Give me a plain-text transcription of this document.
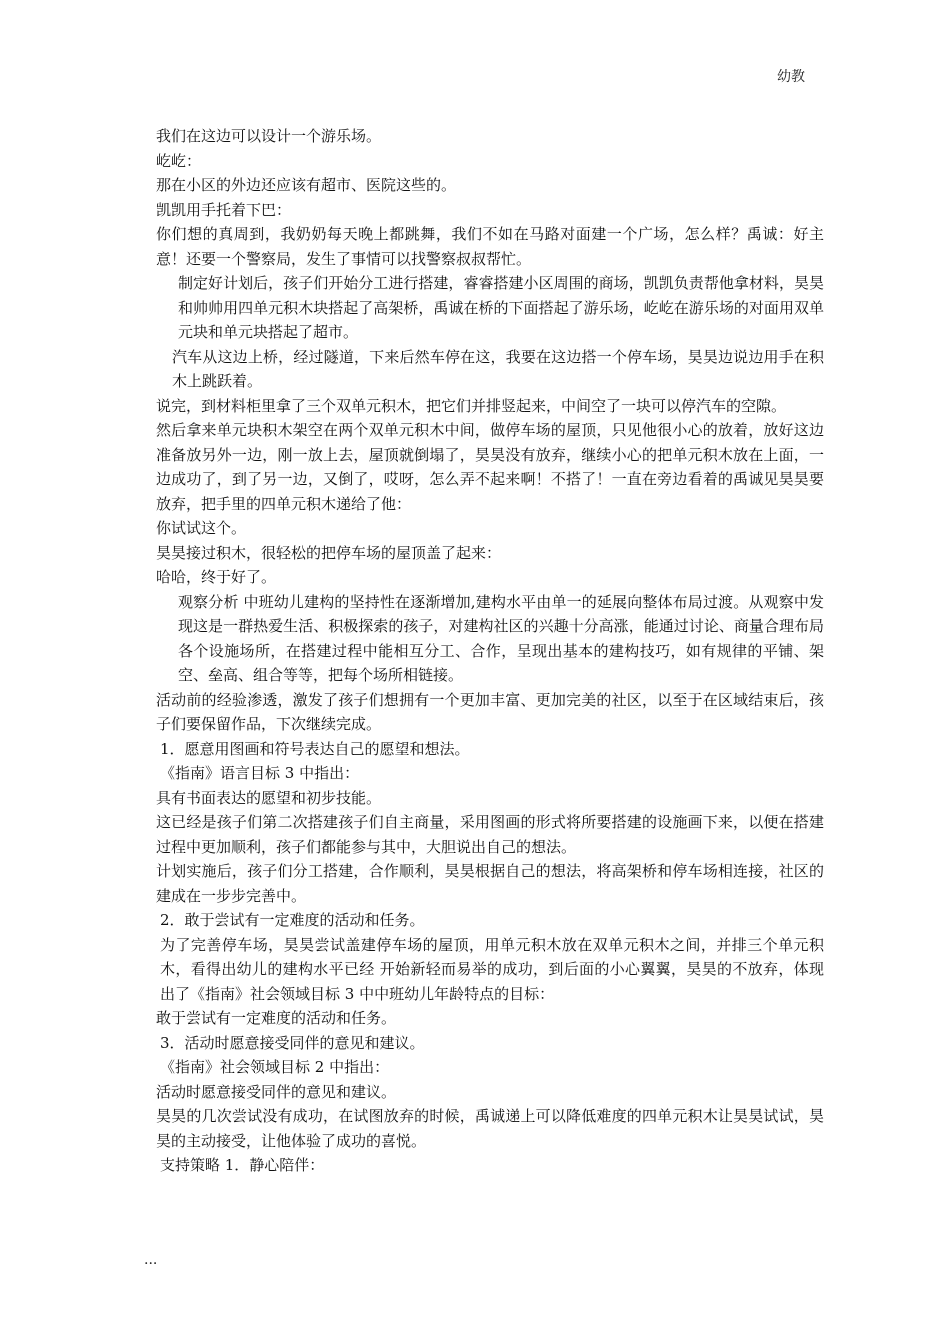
幼教

我们在这边可以设计一个游乐场。

屹屹：

那在小区的外边还应该有超市、医院这些的。

凯凯用手托着下巴：

你们想的真周到，我奶奶每天晚上都跳舞，我们不如在马路对面建一个广场，怎么样？禹诚：好主意！还要一个警察局，发生了事情可以找警察叔叔帮忙。

制定好计划后，孩子们开始分工进行搭建，睿睿搭建小区周围的商场，凯凯负责帮他拿材料，昊昊和帅帅用四单元积木块搭起了高架桥，禹诚在桥的下面搭起了游乐场，屹屹在游乐场的对面用双单元块和单元块搭起了超市。

汽车从这边上桥，经过隧道，下来后然车停在这，我要在这边搭一个停车场，昊昊边说边用手在积木上跳跃着。

说完，到材料柜里拿了三个双单元积木，把它们并排竖起来，中间空了一块可以停汽车的空隙。

然后拿来单元块积木架空在两个双单元积木中间，做停车场的屋顶，只见他很小心的放着，放好这边准备放另外一边，刚一放上去，屋顶就倒塌了，昊昊没有放弃，继续小心的把单元积木放在上面，一边成功了，到了另一边，又倒了，哎呀，怎么弄不起来啊！不搭了！一直在旁边看着的禹诚见昊昊要放弃，把手里的四单元积木递给了他：

你试试这个。

昊昊接过积木，很轻松的把停车场的屋顶盖了起来：

哈哈，终于好了。

观察分析 中班幼儿建构的坚持性在逐渐增加,建构水平由单一的延展向整体布局过渡。从观察中发现这是一群热爱生活、积极探索的孩子，对建构社区的兴趣十分高涨，能通过讨论、商量合理布局各个设施场所，在搭建过程中能相互分工、合作，呈现出基本的建构技巧，如有规律的平铺、架空、垒高、组合等等，把每个场所相链接。

活动前的经验渗透，激发了孩子们想拥有一个更加丰富、更加完美的社区，以至于在区域结束后，孩子们要保留作品，下次继续完成。

1．愿意用图画和符号表达自己的愿望和想法。

《指南》语言目标 3 中指出：

具有书面表达的愿望和初步技能。

这已经是孩子们第二次搭建孩子们自主商量，采用图画的形式将所要搭建的设施画下来，以便在搭建过程中更加顺利，孩子们都能参与其中，大胆说出自己的想法。

计划实施后，孩子们分工搭建，合作顺利，昊昊根据自己的想法，将高架桥和停车场相连接，社区的建成在一步步完善中。

2．敢于尝试有一定难度的活动和任务。

为了完善停车场，昊昊尝试盖建停车场的屋顶，用单元积木放在双单元积木之间，并排三个单元积木，看得出幼儿的建构水平已经 开始新轻而易举的成功，到后面的小心翼翼，昊昊的不放弃，体现出了《指南》社会领域目标 3 中中班幼儿年龄特点的目标：

敢于尝试有一定难度的活动和任务。

3．活动时愿意接受同伴的意见和建议。

《指南》社会领域目标 2 中指出：

活动时愿意接受同伴的意见和建议。

昊昊的几次尝试没有成功，在试图放弃的时候，禹诚递上可以降低难度的四单元积木让昊昊试试，昊昊的主动接受，让他体验了成功的喜悦。

支持策略 1．静心陪伴：

...
